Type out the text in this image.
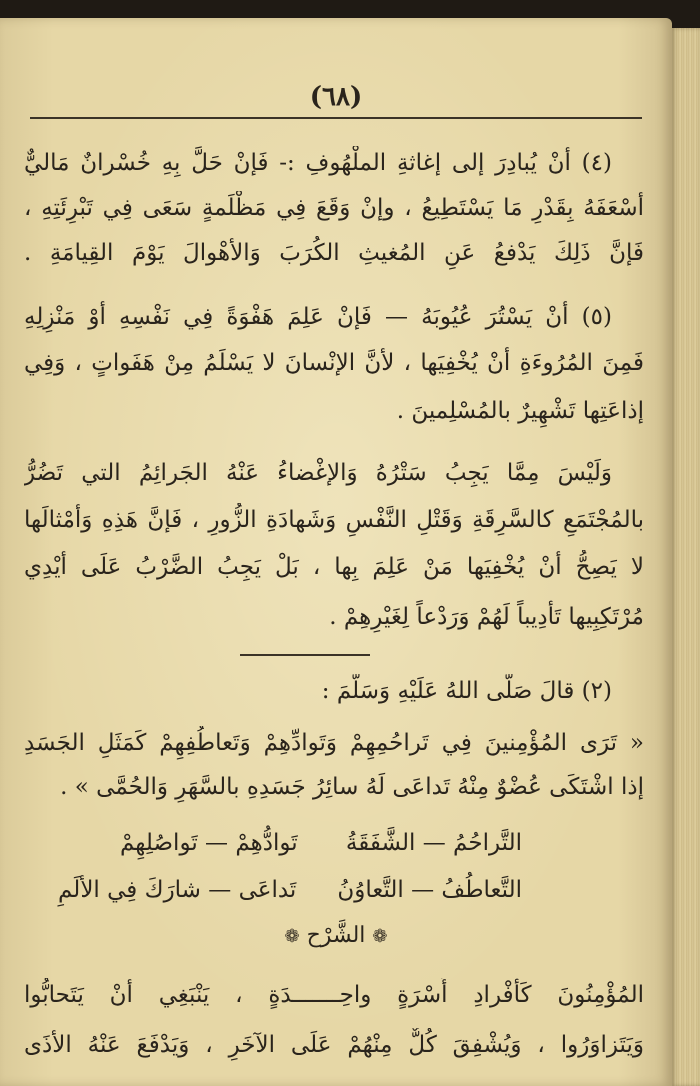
(٦٨)
(٤) أنْ يُبادِرَ إلى إغاثةِ الملْهُوفِ :- فَإنْ حَلَّ بِهِ خُسْرانٌ مَاليٌّ
أسْعَفَهُ بِقَدْرِ مَا يَسْتَطِيعُ ، وإنْ وَقَعَ فِي مَظْلَمةٍ سَعَى فِي تَبْرِئَتِهِ ،
فَإنَّ ذَلِكَ يَدْفعُ عَنِ المُغيثِ الكُرَبَ وَالأهْوالَ يَوْمَ القِيامَةِ .
(٥) أنْ يَسْتُرَ عُيُوبَهُ — فَإنْ عَلِمَ هَفْوَةً فِي نَفْسِهِ أوْ مَنْزِلِهِ
فَمِنَ المُرُوءَةِ أنْ يُخْفِيَها ، لأنَّ الإنْسانَ لا يَسْلَمُ مِنْ هَفَواتٍ ، وَفِي
إذاعَتِها تَشْهِيرٌ بالمُسْلِمينَ .
وَلَيْسَ مِمَّا يَجِبُ سَتْرُهُ وَالإغْضاءُ عَنْهُ الجَرائِمُ التي تَضُرُّ
بالمُجْتَمَعِ كالسَّرِقَةِ وَقَتْلِ النَّفْسِ وَشَهادَةِ الزُّورِ ، فَإنَّ هَذِهِ وَأمْثالَها
لا يَصِحُّ أنْ يُخْفِيَها مَنْ عَلِمَ بِها ، بَلْ يَجِبُ الضَّرْبُ عَلَى أيْدِي
مُرْتَكِبِيها تَأْدِيباً لَهُمْ وَرَدْعاً لِغَيْرِهِمْ .
(٢) قالَ صَلَّى اللهُ عَلَيْهِ وَسَلَّمَ :
« تَرَى المُؤْمِنينَ فِي تَراحُمِهِمْ وَتَوادِّهِمْ وَتَعاطُفِهِمْ كَمَثَلِ الجَسَدِ
إذا اشْتَكَى عُضْوٌ مِنْهُ تَداعَى لَهُ سائِرُ جَسَدِهِ بالسَّهَرِ وَالحُمَّى » .
التَّراحُمُ — الشَّفَقَةُ
تَوادُّهِمْ — تَواصُلِهِمْ
التَّعاطُفُ — التَّعاوُنُ
تَداعَى — شارَكَ فِي الألَمِ
❁ الشَّرْح ❁
المُؤْمِنُونَ كَأفْرادِ أُسْرَةٍ واحِـــــــدَةٍ ، يَنْبَغِي أنْ يَتَحابُّوا
وَيَتَزاوَرُوا ، وَيُشْفِقَ كُلٌّ مِنْهُمْ عَلَى الآخَرِ ، وَيَدْفَعَ عَنْهُ الأذَى
